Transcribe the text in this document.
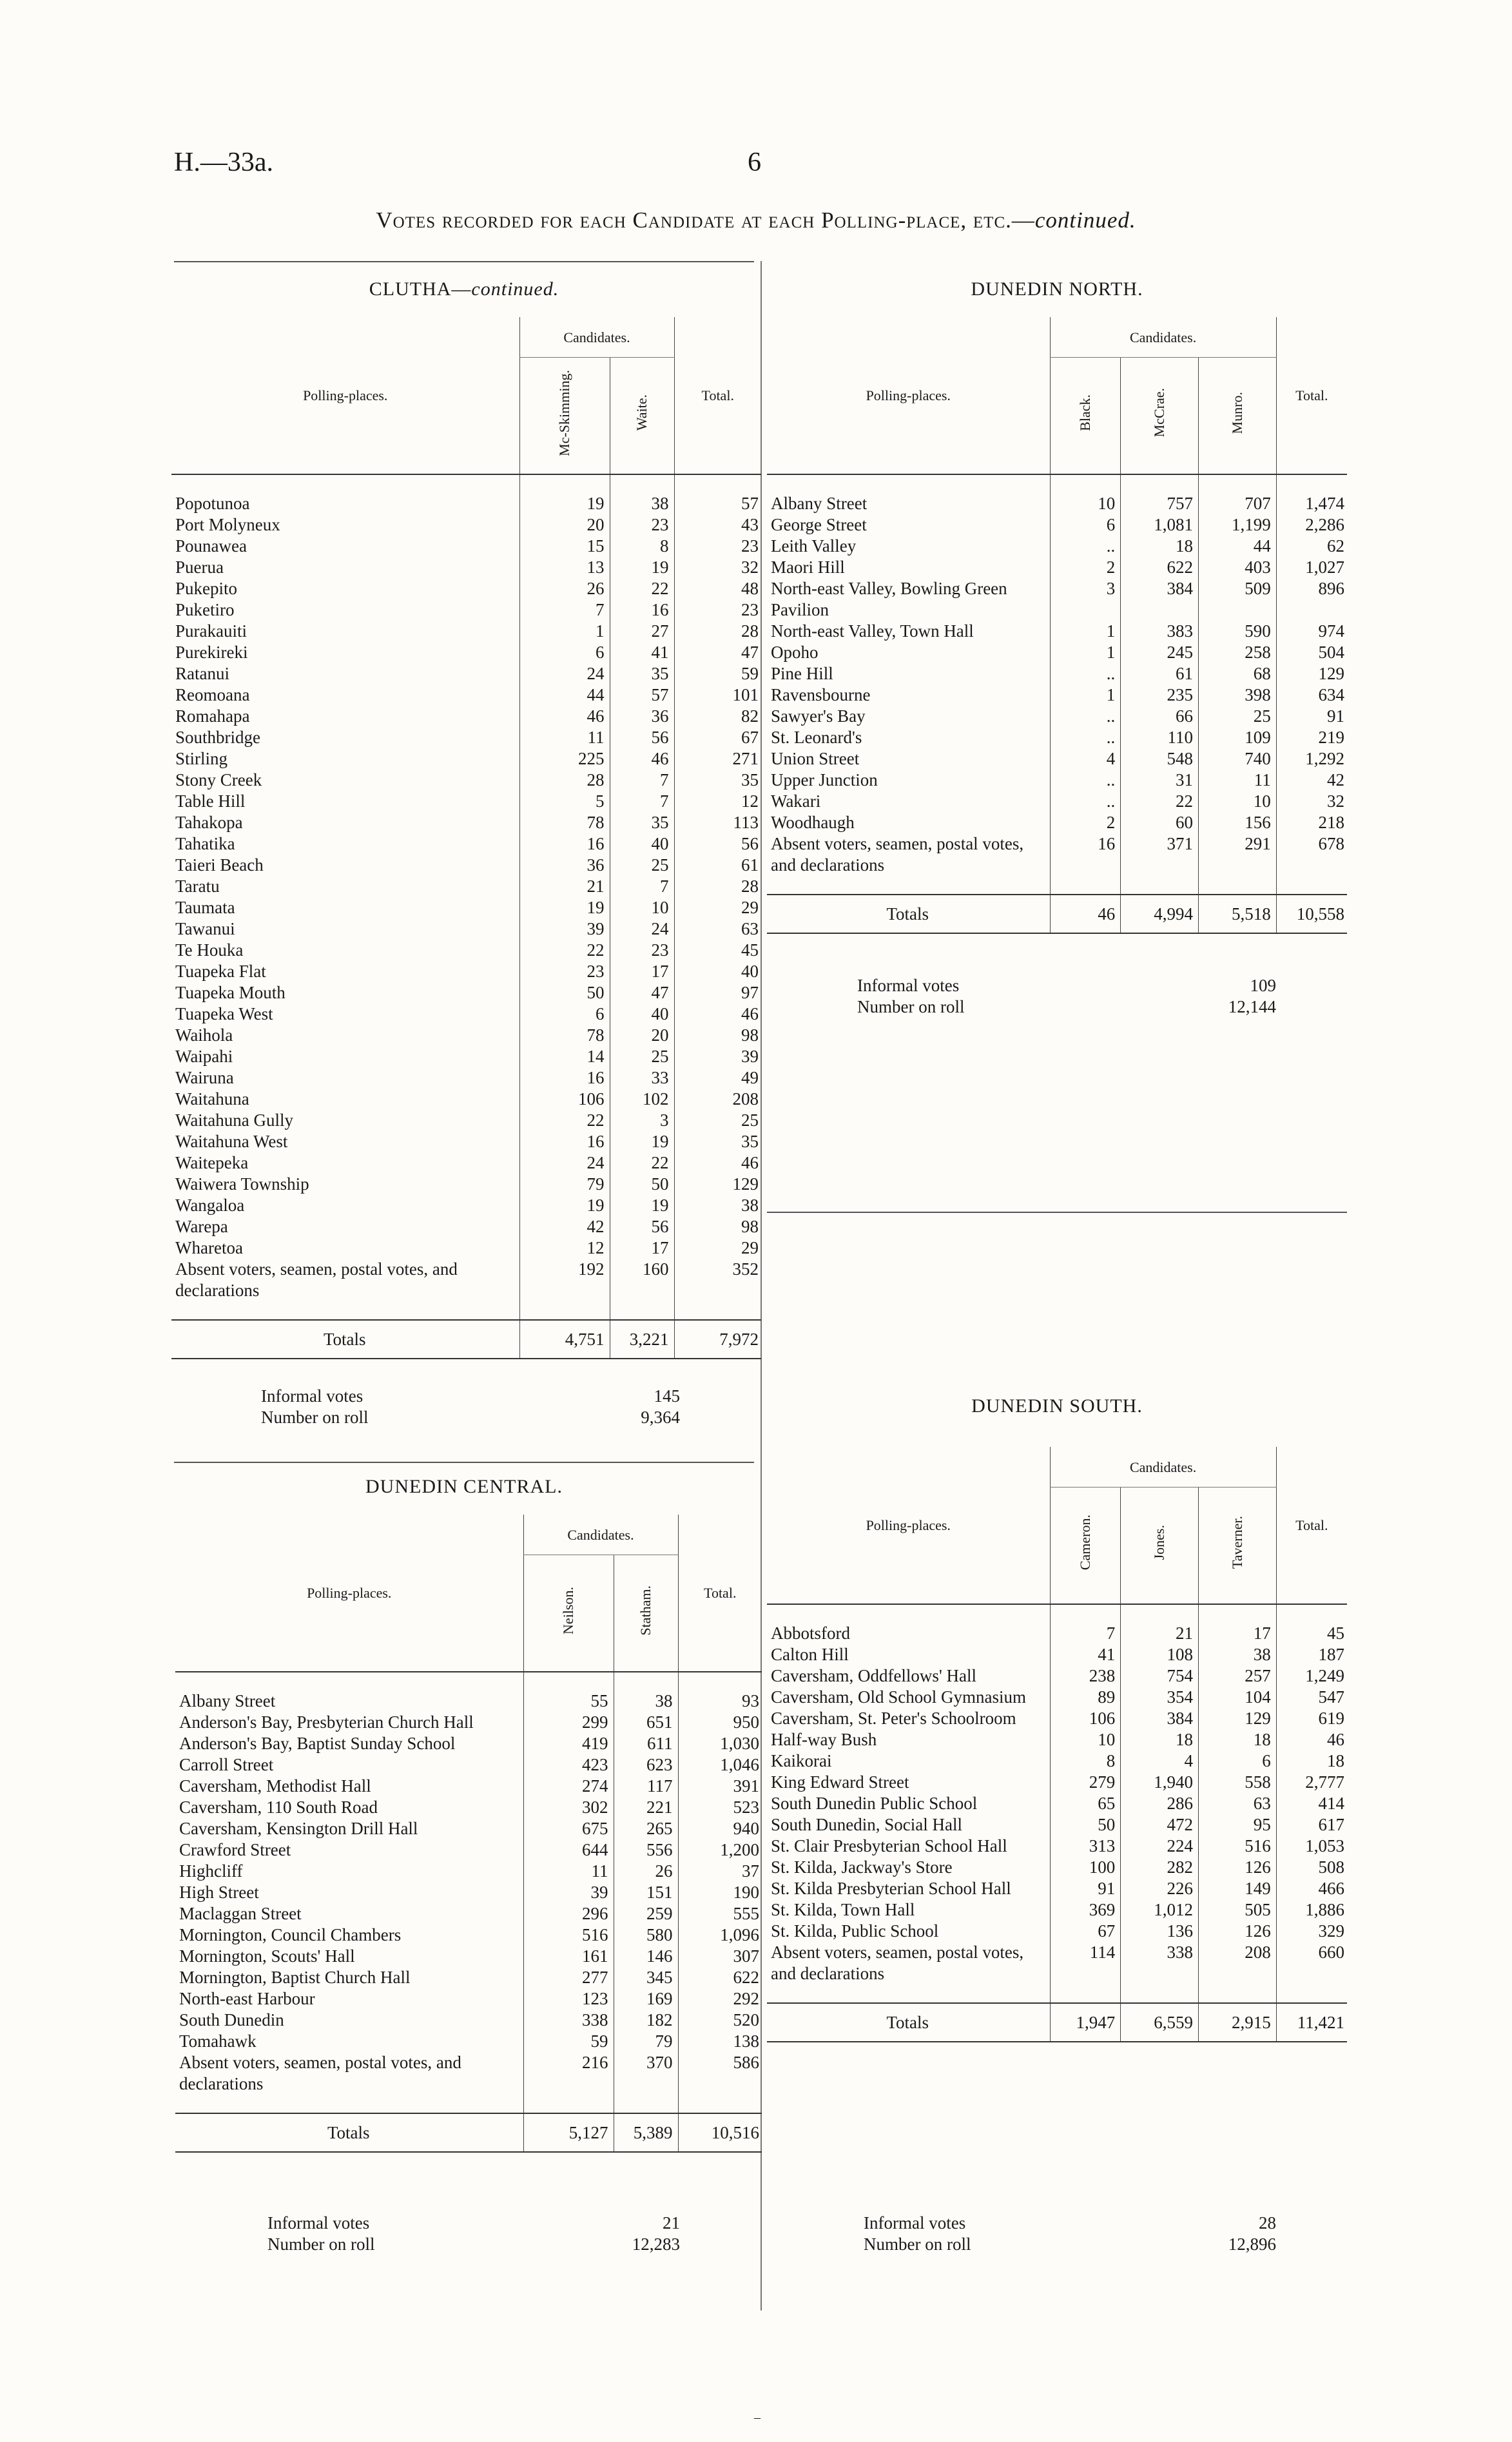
H.—33a.	6
Votes recorded for each Candidate at each Polling-place, etc.—continued.
CLUTHA—continued.
Polling-places.	Candidates.		Total.
	Mc-Skimming.	Waite.	

Popotunoa	19	38	57
Port Molyneux	20	23	43
Pounawea	15	8	23
Puerua	13	19	32
Pukepito	26	22	48
Puketiro	7	16	23
Purakauiti	1	27	28
Purekireki	6	41	47
Ratanui	24	35	59
Reomoana	44	57	101
Romahapa	46	36	82
Southbridge	11	56	67
Stirling	225	46	271
Stony Creek	28	7	35
Table Hill	5	7	12
Tahakopa	78	35	113
Tahatika	16	40	56
Taieri Beach	36	25	61
Taratu	21	7	28
Taumata	19	10	29
Tawanui	39	24	63
Te Houka	22	23	45
Tuapeka Flat	23	17	40
Tuapeka Mouth	50	47	97
Tuapeka West	6	40	46
Waihola	78	20	98
Waipahi	14	25	39
Wairuna	16	33	49
Waitahuna	106	102	208
Waitahuna Gully	22	3	25
Waitahuna West	16	19	35
Waitepeka	24	22	46
Waiwera Township	79	50	129
Wangaloa	19	19	38
Warepa	42	56	98
Wharetoa	12	17	29
Absent voters, seamen, postal votes, and declarations	192	160	352

Totals	4,751	3,221	7,972
Informal votes	145
Number on roll	9,364
DUNEDIN CENTRAL.
Polling-places.	Candidates.		Total.
	Neilson.	Statham.	

Albany Street	55	38	93
Anderson's Bay, Presbyterian Church Hall	299	651	950
Anderson's Bay, Baptist Sunday School	419	611	1,030
Carroll Street	423	623	1,046
Caversham, Methodist Hall	274	117	391
Caversham, 110 South Road	302	221	523
Caversham, Kensington Drill Hall	675	265	940
Crawford Street	644	556	1,200
Highcliff	11	26	37
High Street	39	151	190
Maclaggan Street	296	259	555
Mornington, Council Chambers	516	580	1,096
Mornington, Scouts' Hall	161	146	307
Mornington, Baptist Church Hall	277	345	622
North-east Harbour	123	169	292
South Dunedin	338	182	520
Tomahawk	59	79	138
Absent voters, seamen, postal votes, and declarations	216	370	586

Totals	5,127	5,389	10,516
Informal votes	21
Number on roll	12,283
DUNEDIN NORTH.
Polling-places.	Candidates.			Total.
	Black.	McCrae.	Munro.	

Albany Street	10	757	707	1,474
George Street	6	1,081	1,199	2,286
Leith Valley	..	18	44	62
Maori Hill	2	622	403	1,027
North-east Valley, Bowling Green Pavilion	3	384	509	896
North-east Valley, Town Hall	1	383	590	974
Opoho	1	245	258	504
Pine Hill	..	61	68	129
Ravensbourne	1	235	398	634
Sawyer's Bay	..	66	25	91
St. Leonard's	..	110	109	219
Union Street	4	548	740	1,292
Upper Junction	..	31	11	42
Wakari	..	22	10	32
Woodhaugh	2	60	156	218
Absent voters, seamen, postal votes, and declarations	16	371	291	678

Totals	46	4,994	5,518	10,558
Informal votes	109
Number on roll	12,144
DUNEDIN SOUTH.
Polling-places.	Candidates.			Total.
	Cameron.	Jones.	Taverner.	

Abbotsford	7	21	17	45
Calton Hill	41	108	38	187
Caversham, Oddfellows' Hall	238	754	257	1,249
Caversham, Old School Gymnasium	89	354	104	547
Caversham, St. Peter's Schoolroom	106	384	129	619
Half-way Bush	10	18	18	46
Kaikorai	8	4	6	18
King Edward Street	279	1,940	558	2,777
South Dunedin Public School	65	286	63	414
South Dunedin, Social Hall	50	472	95	617
St. Clair Presbyterian School Hall	313	224	516	1,053
St. Kilda, Jackway's Store	100	282	126	508
St. Kilda Presbyterian School Hall	91	226	149	466
St. Kilda, Town Hall	369	1,012	505	1,886
St. Kilda, Public School	67	136	126	329
Absent voters, seamen, postal votes, and declarations	114	338	208	660

Totals	1,947	6,559	2,915	11,421
Informal votes	28
Number on roll	12,896
–
